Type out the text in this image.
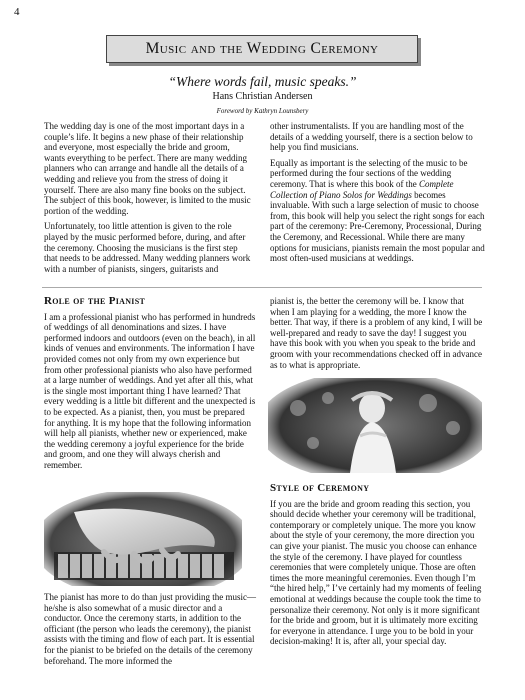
4
Music and the Wedding Ceremony
“Where words fail, music speaks.”
Hans Christian Andersen
Foreword by Kathryn Lounsbery

The wedding day is one of the most important days in a couple’s life. It begins a new phase of their relationship and everyone, most especially the bride and groom, wants everything to be perfect. There are many wedding planners who can arrange and handle all the details of a wedding and relieve you from the stress of doing it yourself. There are also many fine books on the subject. The subject of this book, however, is limited to the music portion of the wedding.

Unfortunately, too little attention is given to the role played by the music performed before, during, and after the ceremony. Choosing the musicians is the first step that needs to be addressed. Many wedding planners work with a number of pianists, singers, guitarists and

other instrumentalists. If you are handling most of the details of a wedding yourself, there is a section below to help you find musicians.

Equally as important is the selecting of the music to be performed during the four sections of the wedding ceremony. That is where this book of the Complete Collection of Piano Solos for Weddings becomes invaluable. With such a large selection of music to choose from, this book will help you select the right songs for each part of the ceremony: Pre-Ceremony, Processional, During the Ceremony, and Recessional. While there are many options for musicians, pianists remain the most popular and most often-used musicians at weddings.

Role of the Pianist

I am a professional pianist who has performed in hundreds of weddings of all denominations and sizes. I have performed indoors and outdoors (even on the beach), in all kinds of venues and environments. The information I have provided comes not only from my own experience but from other professional pianists who also have performed at a large number of weddings. And yet after all this, what is the single most important thing I have learned? That every wedding is a little bit different and the unexpected is to be expected. As a pianist, then, you must be prepared for anything. It is my hope that the following information will help all pianists, whether new or experienced, make the wedding ceremony a joyful experience for the bride and groom, and one they will always cherish and remember.

The pianist has more to do than just providing the music—he/she is also somewhat of a music director and a conductor. Once the ceremony starts, in addition to the officiant (the person who leads the ceremony), the pianist assists with the timing and flow of each part. It is essential for the pianist to be briefed on the details of the ceremony beforehand. The more informed the

pianist is, the better the ceremony will be. I know that when I am playing for a wedding, the more I know the better. That way, if there is a problem of any kind, I will be well-prepared and ready to save the day! I suggest you have this book with you when you speak to the bride and groom with your recommendations checked off in advance as to what is appropriate.

Style of Ceremony

If you are the bride and groom reading this section, you should decide whether your ceremony will be traditional, contemporary or completely unique. The more you know about the style of your ceremony, the more direction you can give your pianist. The music you choose can enhance the style of the ceremony. I have played for countless ceremonies that were completely unique. Those are often times the more meaningful ceremonies. Even though I’m “the hired help,” I’ve certainly had my moments of feeling emotional at weddings because the couple took the time to personalize their ceremony. Not only is it more significant for the bride and groom, but it is ultimately more exciting for everyone in attendance. I urge you to be bold in your decision-making! It is, after all, your special day.
